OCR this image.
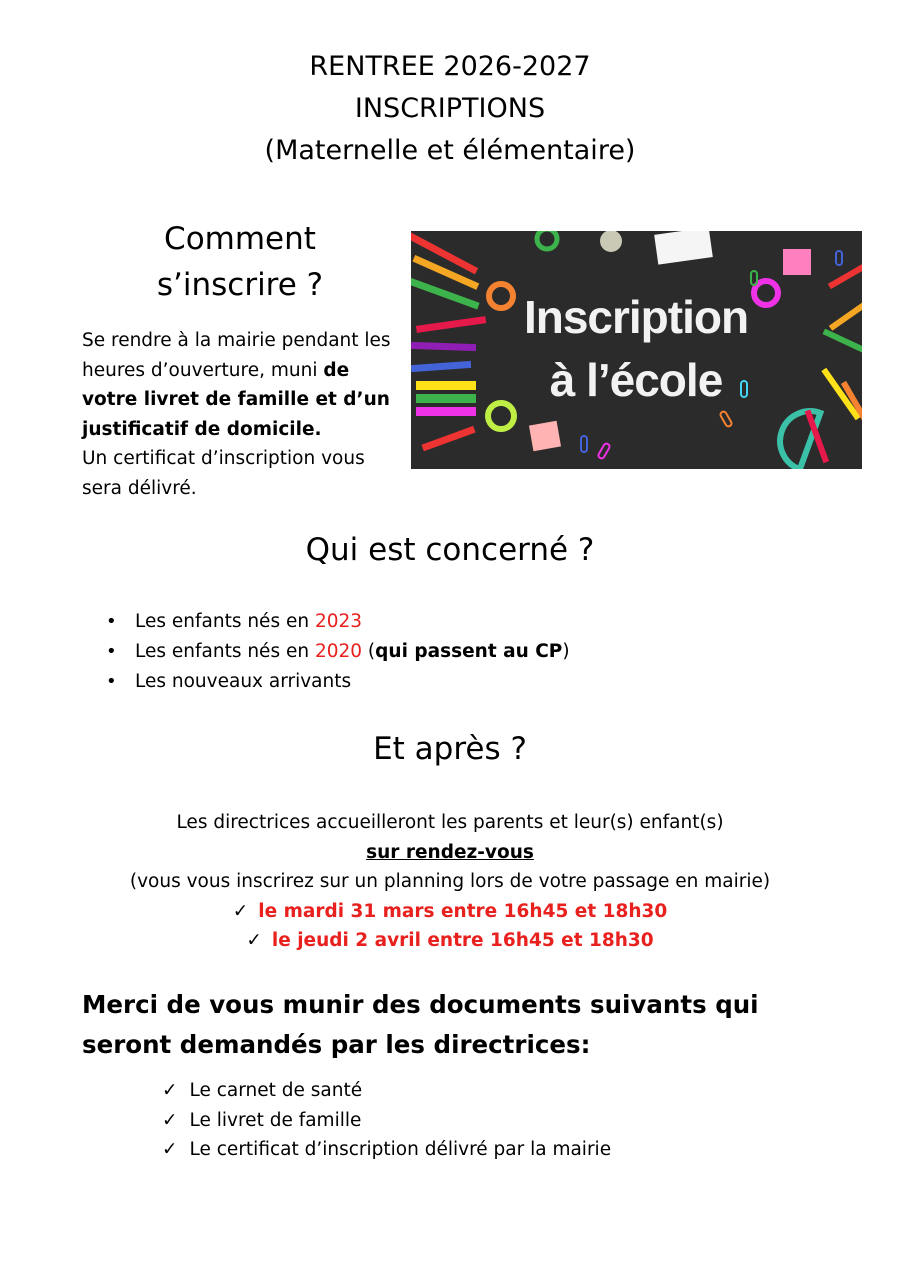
RENTREE 2026-2027
INSCRIPTIONS
(Maternelle et élémentaire)
Comment
s’inscrire ?
Se rendre à la mairie pendant les heures d’ouverture, muni de votre livret de famille et d’un justificatif de domicile.
Un certificat d’inscription vous sera délivré.
Inscription
à l’école
Qui est concerné ?
• Les enfants nés en 2023
• Les enfants nés en 2020 (qui passent au CP)
• Les nouveaux arrivants
Et après ?
Les directrices accueilleront les parents et leur(s) enfant(s)
sur rendez-vous
(vous vous inscrirez sur un planning lors de votre passage en mairie)
✓ le mardi 31 mars entre 16h45 et 18h30
✓ le jeudi 2 avril entre 16h45 et 18h30
Merci de vous munir des documents suivants qui seront demandés par les directrices:
✓ Le carnet de santé
✓ Le livret de famille
✓ Le certificat d’inscription délivré par la mairie
